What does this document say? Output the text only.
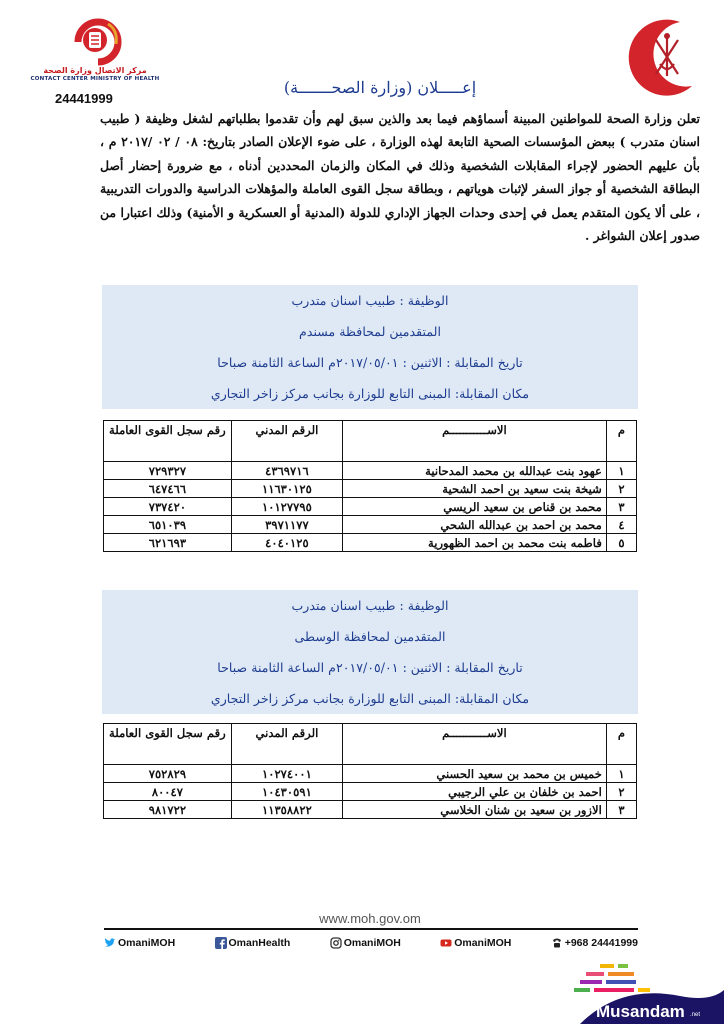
مركز الاتصال وزارة الصحة
CONTACT CENTER MINISTRY OF HEALTH
24441999
إعـــــلان (وزارة الصحـــــــة)
تعلن وزارة الصحة للمواطنين المبينة أسماؤهم فيما بعد والذين سبق لهم وأن تقدموا بطلباتهم لشغل وظيفة ( طبيب اسنان متدرب ) ببعض المؤسسات الصحية التابعة لهذه الوزارة ، على ضوء الإعلان الصادر بتاريخ: ٠٨ / ٠٢ /٢٠١٧ م ، بأن عليهم الحضور لإجراء المقابلات الشخصية وذلك في المكان والزمان المحددين أدناه ، مع ضرورة إحضار أصل البطاقة الشخصية أو جواز السفر لإثبات هوياتهم ، وبطاقة سجل القوى العاملة والمؤهلات الدراسية والدورات التدريبية ، على ألا يكون المتقدم يعمل في إحدى وحدات الجهاز الإداري للدولة (المدنية أو العسكرية و الأمنية) وذلك اعتبارا من صدور إعلان الشواغر .
الوظيفة : طبيب اسنان متدرب
المتقدمين لمحافظة مسندم
تاريخ المقابلة : الاثنين : ٢٠١٧/٠٥/٠١م الساعة الثامنة صباحا
مكان المقابلة: المبنى التابع للوزارة بجانب مركز زاخر التجاري
م	الاســـــــــــم	الرقم المدني	رقم سجل القوى العاملة
١	عهود بنت عبدالله بن محمد المدحانية	٤٣٦٩٧١٦	٧٢٩٣٢٧
٢	شيخة بنت سعيد بن احمد الشحية	١١٦٣٠١٢٥	٦٤٧٤٦٦
٣	محمد بن قناص بن سعيد الريسي	١٠١٢٧٧٩٥	٧٣٧٤٢٠
٤	محمد بن احمد بن عبدالله الشحي	٣٩٧١١٧٧	٦٥١٠٣٩
٥	فاطمه بنت محمد بن احمد الظهورية	٤٠٤٠١٢٥	٦٢١٦٩٣
الوظيفة : طبيب اسنان متدرب
المتقدمين لمحافظة الوسطى
تاريخ المقابلة : الاثنين : ٢٠١٧/٠٥/٠١م الساعة الثامنة صباحا
مكان المقابلة: المبنى التابع للوزارة بجانب مركز زاخر التجاري
م	الاســـــــــــم	الرقم المدني	رقم سجل القوى العاملة
١	خميس بن محمد بن سعيد الحسني	١٠٢٧٤٠٠١	٧٥٢٨٢٩
٢	احمد بن خلفان بن علي الرجيبي	١٠٤٣٠٥٩١	٨٠٠٤٧
٣	الازور بن سعيد بن شنان الخلاسي	١١٣٥٨٨٢٢	٩٨١٧٢٢
www.moh.gov.om
OmaniMOH	OmanHealth	OmaniMOH	OmaniMOH	+968 24441999
Musandam .net
